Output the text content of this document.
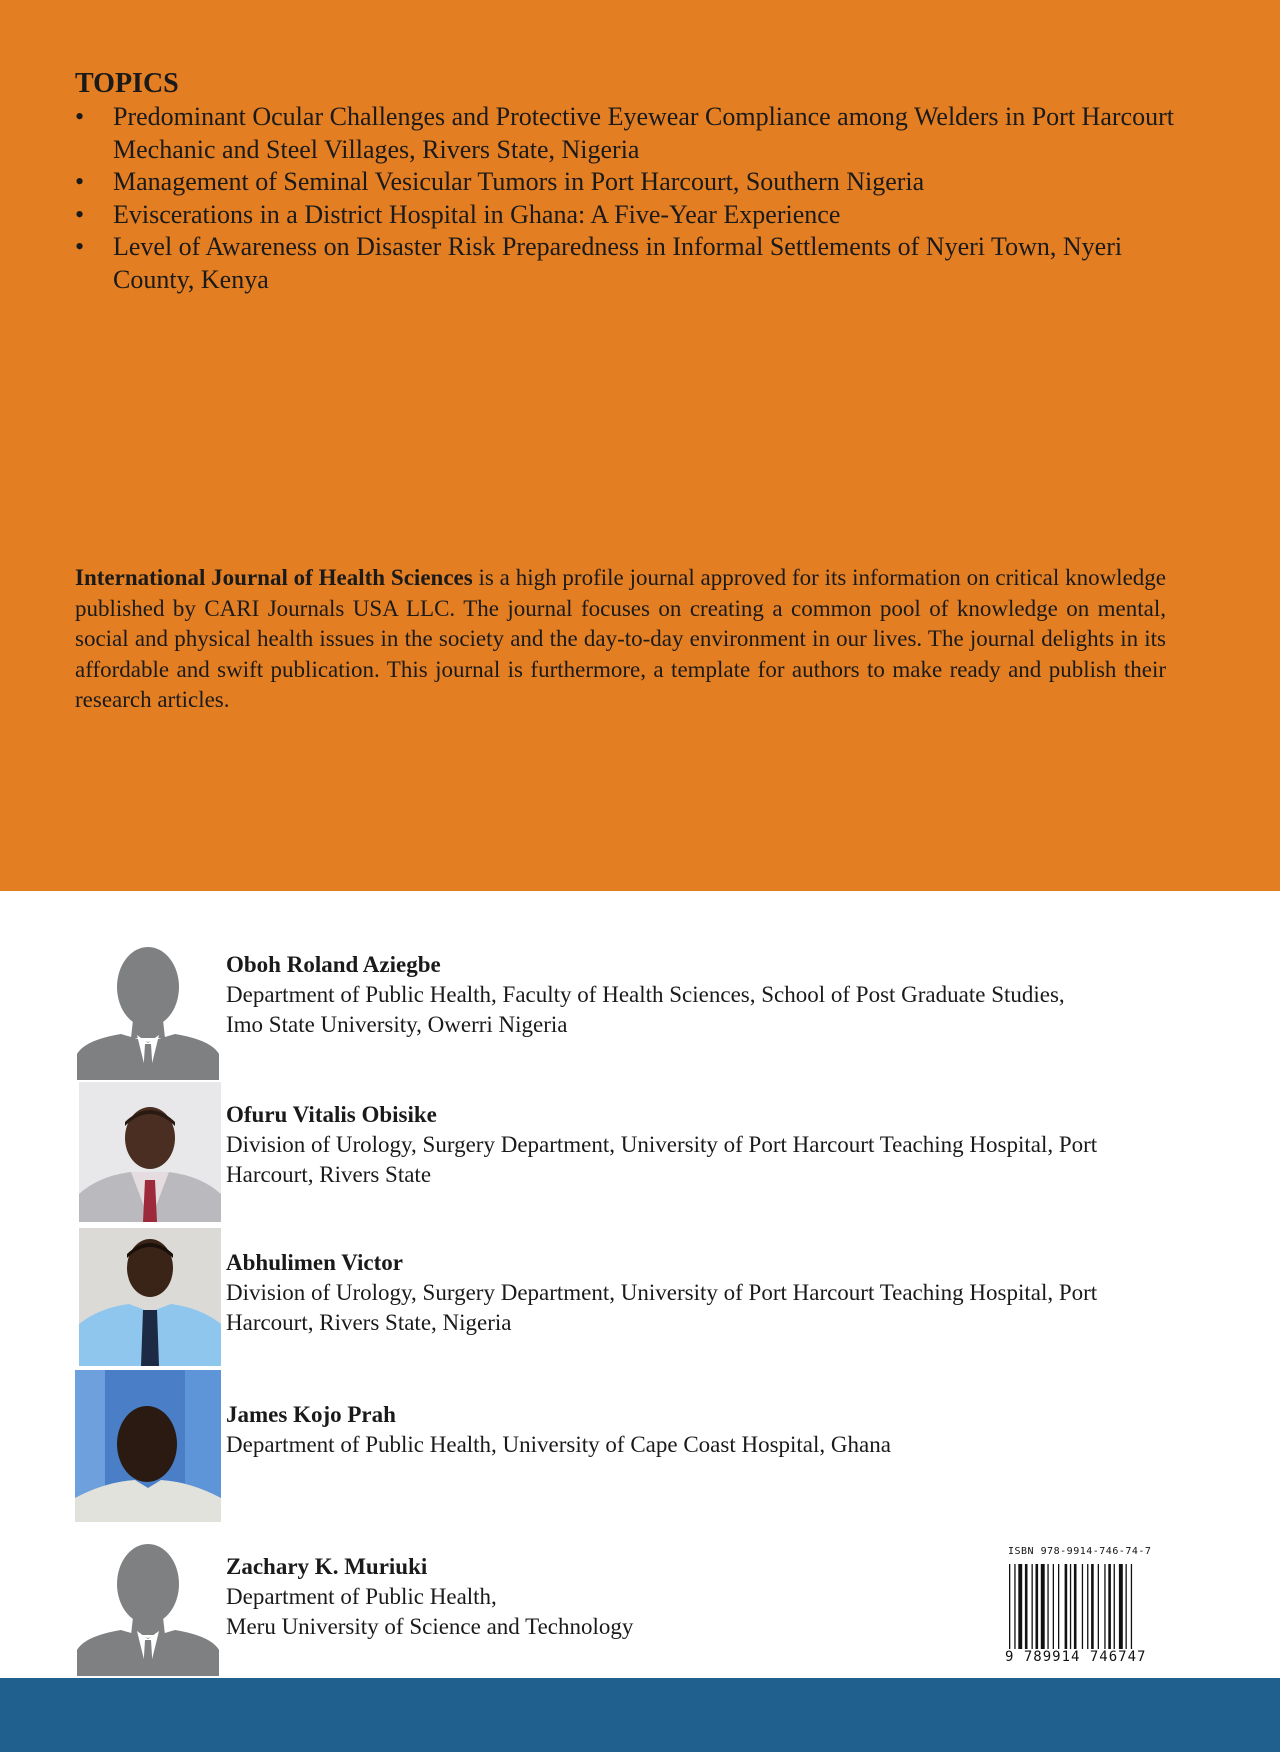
TOPICS
•	Predominant Ocular Challenges and Protective Eyewear Compliance among Welders in Port Harcourt Mechanic and Steel Villages, Rivers State, Nigeria
•	Management of Seminal Vesicular Tumors in Port Harcourt, Southern Nigeria
•	Eviscerations in a District Hospital in Ghana: A Five-Year Experience
•	Level of Awareness on Disaster Risk Preparedness in Informal Settlements of Nyeri Town, Nyeri County, Kenya

International Journal of Health Sciences is a high profile journal approved for its information on critical knowledge published by CARI Journals USA LLC. The journal focuses on creating a common pool of knowledge on mental, social and physical health issues in the society and the day-to-day environment in our lives. The journal delights in its affordable and swift publication. This journal is furthermore, a template for authors to make ready and publish their research articles.

Oboh Roland Aziegbe
Department of Public Health, Faculty of Health Sciences, School of Post Graduate Studies,
Imo State University, Owerri Nigeria
Ofuru Vitalis Obisike
Division of Urology, Surgery Department, University of Port Harcourt Teaching Hospital, Port
Harcourt, Rivers State
Abhulimen Victor
Division of Urology, Surgery Department, University of Port Harcourt Teaching Hospital, Port
Harcourt, Rivers State, Nigeria
James Kojo Prah
Department of Public Health, University of Cape Coast Hospital, Ghana
Zachary K. Muriuki
Department of Public Health,
Meru University of Science and Technology
ISBN 978-9914-746-74-7
9 789914 746747
